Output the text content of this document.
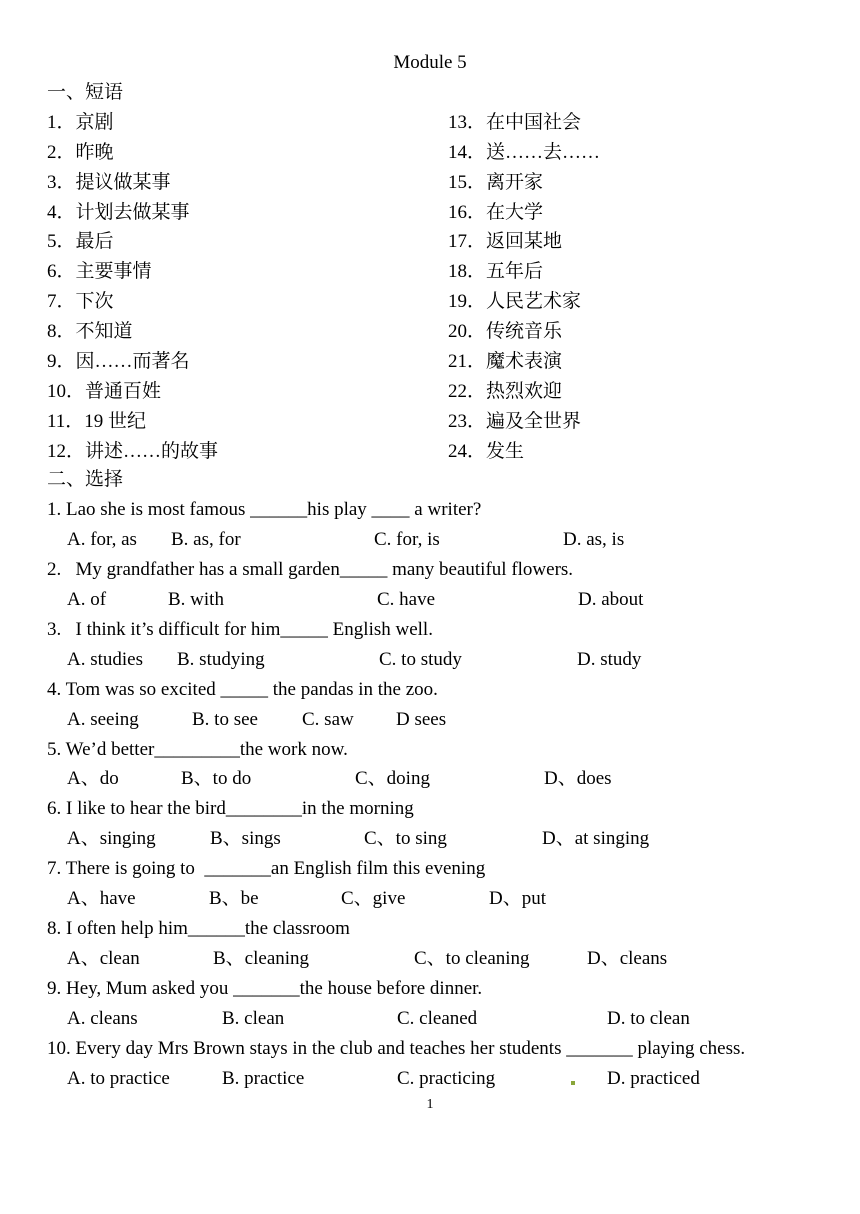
Module 5
一、短语
1．京剧
2．昨晚
3．提议做某事
4．计划去做某事
5．最后
6．主要事情
7．下次
8．不知道
9．因……而著名
10．普通百姓
11．19 世纪
12．讲述……的故事
13．在中国社会
14．送……去……
15．离开家
16．在大学
17．返回某地
18．五年后
19．人民艺术家
20．传统音乐
21．魔术表演
22．热烈欢迎
23．遍及全世界
24．发生
二、选择
1. Lao she is most famous ______his play ____ a writer?
A. for, as B. as, for	C. for, is	D. as, is
2.   My grandfather has a small garden_____ many beautiful flowers.
A. of	B. with	C. have	D. about
3.   I think it’s difficult for him_____ English well.
A. studies B. studying	C. to study	D. study
4. Tom was so excited _____ the pandas in the zoo.
A. seeing	B. to see C. saw D sees
5. We’d better_________the work now.
A、do	B、to do	C、doing	D、does
6. I like to hear the bird________in the morning
A、singing	B、sings	C、to sing	D、at singing
7. There is going to  _______an English film this evening
A、have	B、be	C、give	D、put
8. I often help him______the classroom
A、clean	B、cleaning	C、to cleaning	D、cleans
9. Hey, Mum asked you _______the house before dinner.
A. cleans	B. clean	C. cleaned	D. to clean
10. Every day Mrs Brown stays in the club and teaches her students _______ playing chess.
A. to practice	B. practice	C. practicing	D. practiced
1
